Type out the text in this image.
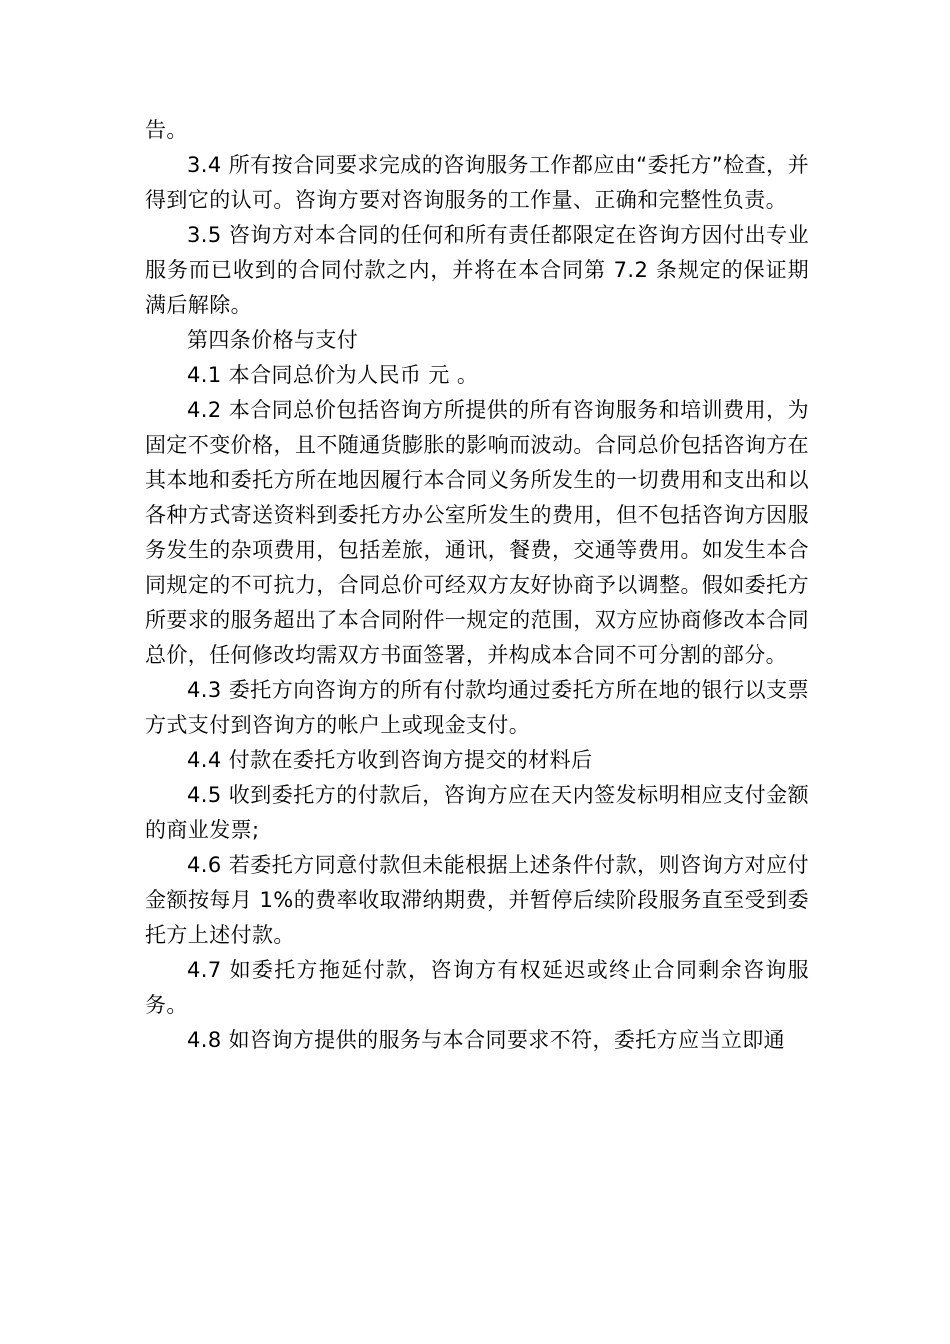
告。

3.4 所有按合同要求完成的咨询服务工作都应由“委托方”检查，并得到它的认可。咨询方要对咨询服务的工作量、正确和完整性负责。

3.5 咨询方对本合同的任何和所有责任都限定在咨询方因付出专业服务而已收到的合同付款之内，并将在本合同第 7.2 条规定的保证期满后解除。

第四条价格与支付

4.1 本合同总价为人民币 元 。

4.2 本合同总价包括咨询方所提供的所有咨询服务和培训费用，为固定不变价格，且不随通货膨胀的影响而波动。合同总价包括咨询方在其本地和委托方所在地因履行本合同义务所发生的一切费用和支出和以各种方式寄送资料到委托方办公室所发生的费用，但不包括咨询方因服务发生的杂项费用，包括差旅，通讯，餐费，交通等费用。如发生本合同规定的不可抗力，合同总价可经双方友好协商予以调整。假如委托方所要求的服务超出了本合同附件一规定的范围，双方应协商修改本合同总价，任何修改均需双方书面签署，并构成本合同不可分割的部分。

4.3 委托方向咨询方的所有付款均通过委托方所在地的银行以支票方式支付到咨询方的帐户上或现金支付。

4.4 付款在委托方收到咨询方提交的材料后

4.5 收到委托方的付款后，咨询方应在天内签发标明相应支付金额的商业发票;

4.6 若委托方同意付款但未能根据上述条件付款，则咨询方对应付金额按每月 1%的费率收取滞纳期费，并暂停后续阶段服务直至受到委托方上述付款。

4.7 如委托方拖延付款，咨询方有权延迟或终止合同剩余咨询服务。

4.8 如咨询方提供的服务与本合同要求不符，委托方应当立即通
